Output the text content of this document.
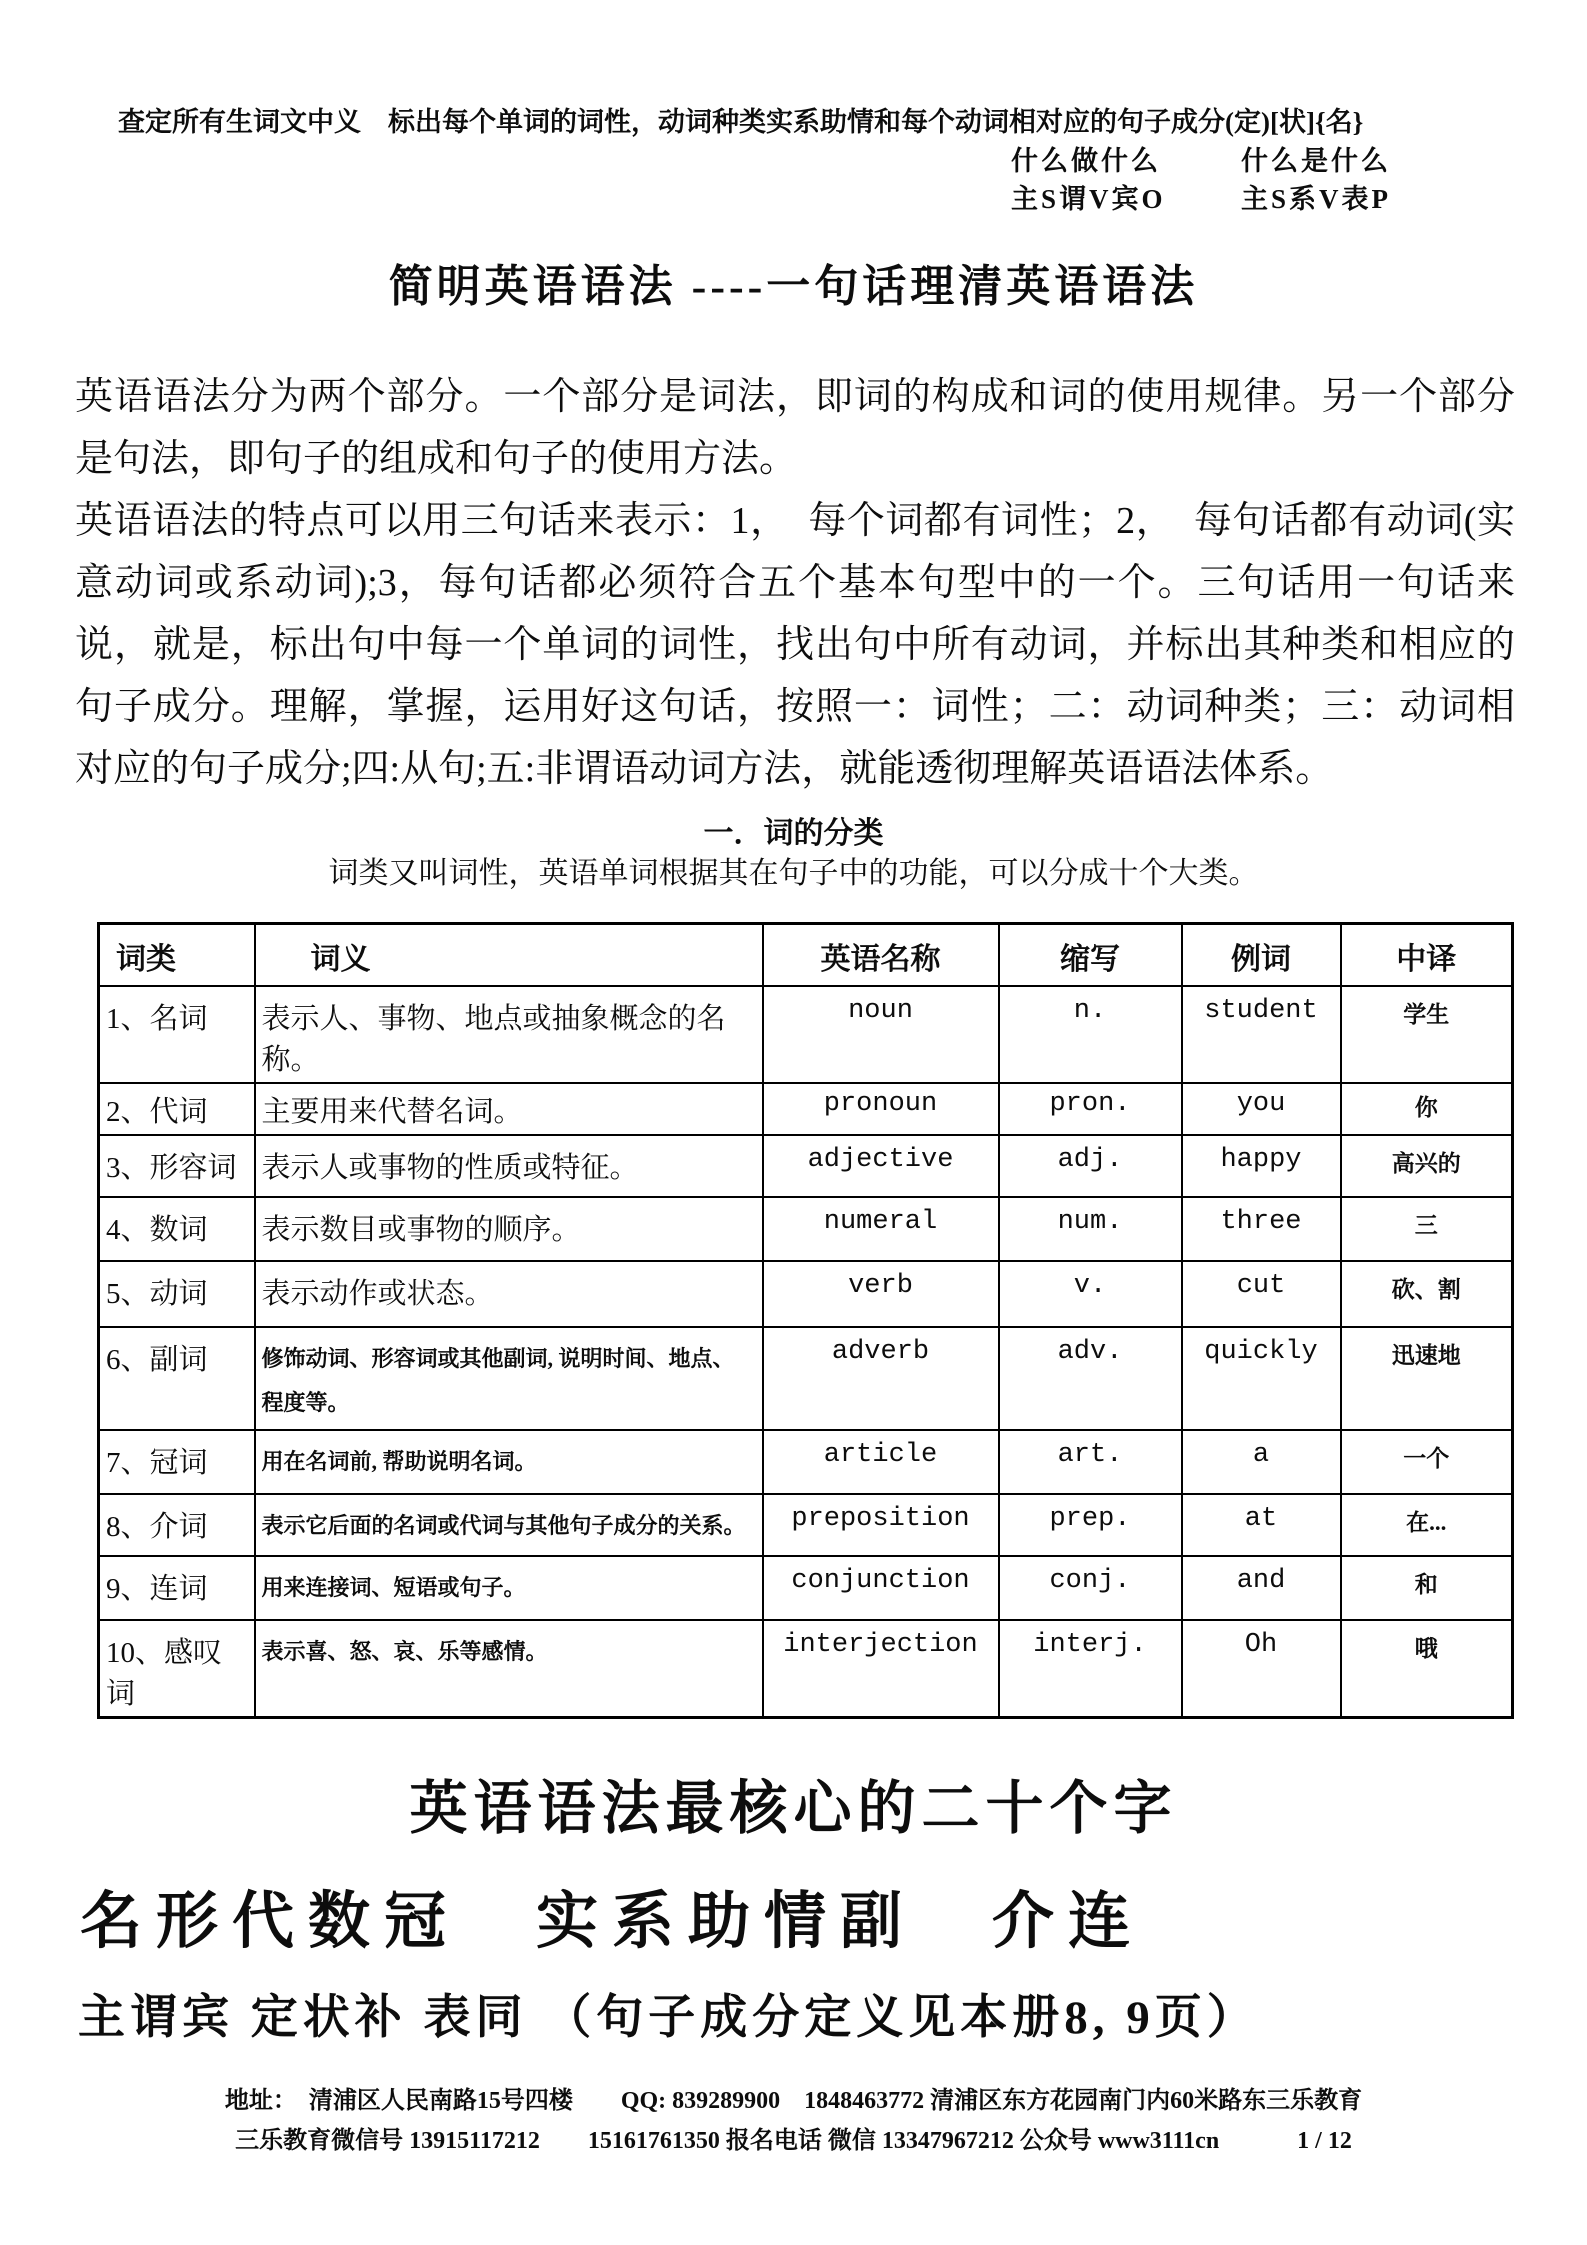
查定所有生词文中义　标出每个单词的词性，动词种类实系助情和每个动词相对应的句子成分(定)[状]{名}
什么做什么	什么是什么
主S谓V宾O	主S系V表P
简明英语语法 ----一句话理清英语语法

英语语法分为两个部分。一个部分是词法，即词的构成和词的使用规律。另一个部分是句法，即句子的组成和句子的使用方法。

英语语法的特点可以用三句话来表示：1，　每个词都有词性；2，　每句话都有动词(实意动词或系动词);3，每句话都必须符合五个基本句型中的一个。三句话用一句话来说，就是，标出句中每一个单词的词性，找出句中所有动词，并标出其种类和相应的句子成分。理解，掌握，运用好这句话，按照一：词性；二：动词种类；三：动词相对应的句子成分;四:从句;五:非谓语动词方法，就能透彻理解英语语法体系。

一．词的分类
词类又叫词性，英语单词根据其在句子中的功能，可以分成十个大类。
词类	词义	英语名称	缩写	例词	中译
1、名词	表示人、事物、地点或抽象概念的名称。	noun	n.	student	学生
2、代词	主要用来代替名词。	pronoun	pron.	you	你
3、形容词	表示人或事物的性质或特征。	adjective	adj.	happy	高兴的
4、数词	表示数目或事物的顺序。	numeral	num.	three	三
5、动词	表示动作或状态。	verb	v.	cut	砍、割
6、副词	修饰动词、形容词或其他副词, 说明时间、地点、程度等。	adverb	adv.	quickly	迅速地
7、冠词	用在名词前, 帮助说明名词。	article	art.	a	一个
8、介词	表示它后面的名词或代词与其他句子成分的关系。	preposition	prep.	at	在...
9、连词	用来连接词、短语或句子。	conjunction	conj.	and	和
10、感叹词	表示喜、怒、哀、乐等感情。	interjection	interj.	Oh	哦
英语语法最核心的二十个字
名形代数冠　实系助情副　介连
主谓宾 定状补 表同 （句子成分定义见本册8, 9页）
地址：　清浦区人民南路15号四楼　　QQ: 839289900　1848463772 清浦区东方花园南门内60米路东三乐教育
三乐教育微信号 13915117212　　15161761350 报名电话 微信 13347967212 公众号 www3111cn	1 / 12
